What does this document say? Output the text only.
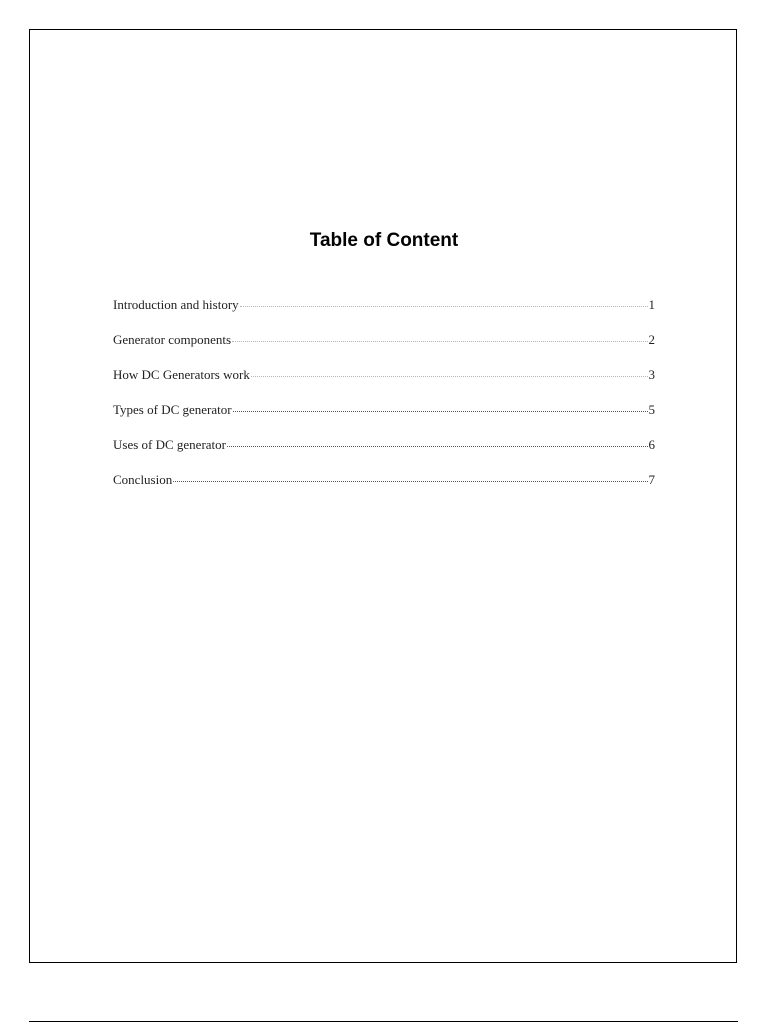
Table of Content
Introduction and history	1
Generator components	2
How DC Generators work	3
Types of DC generator	5
Uses of DC generator	6
Conclusion	7
